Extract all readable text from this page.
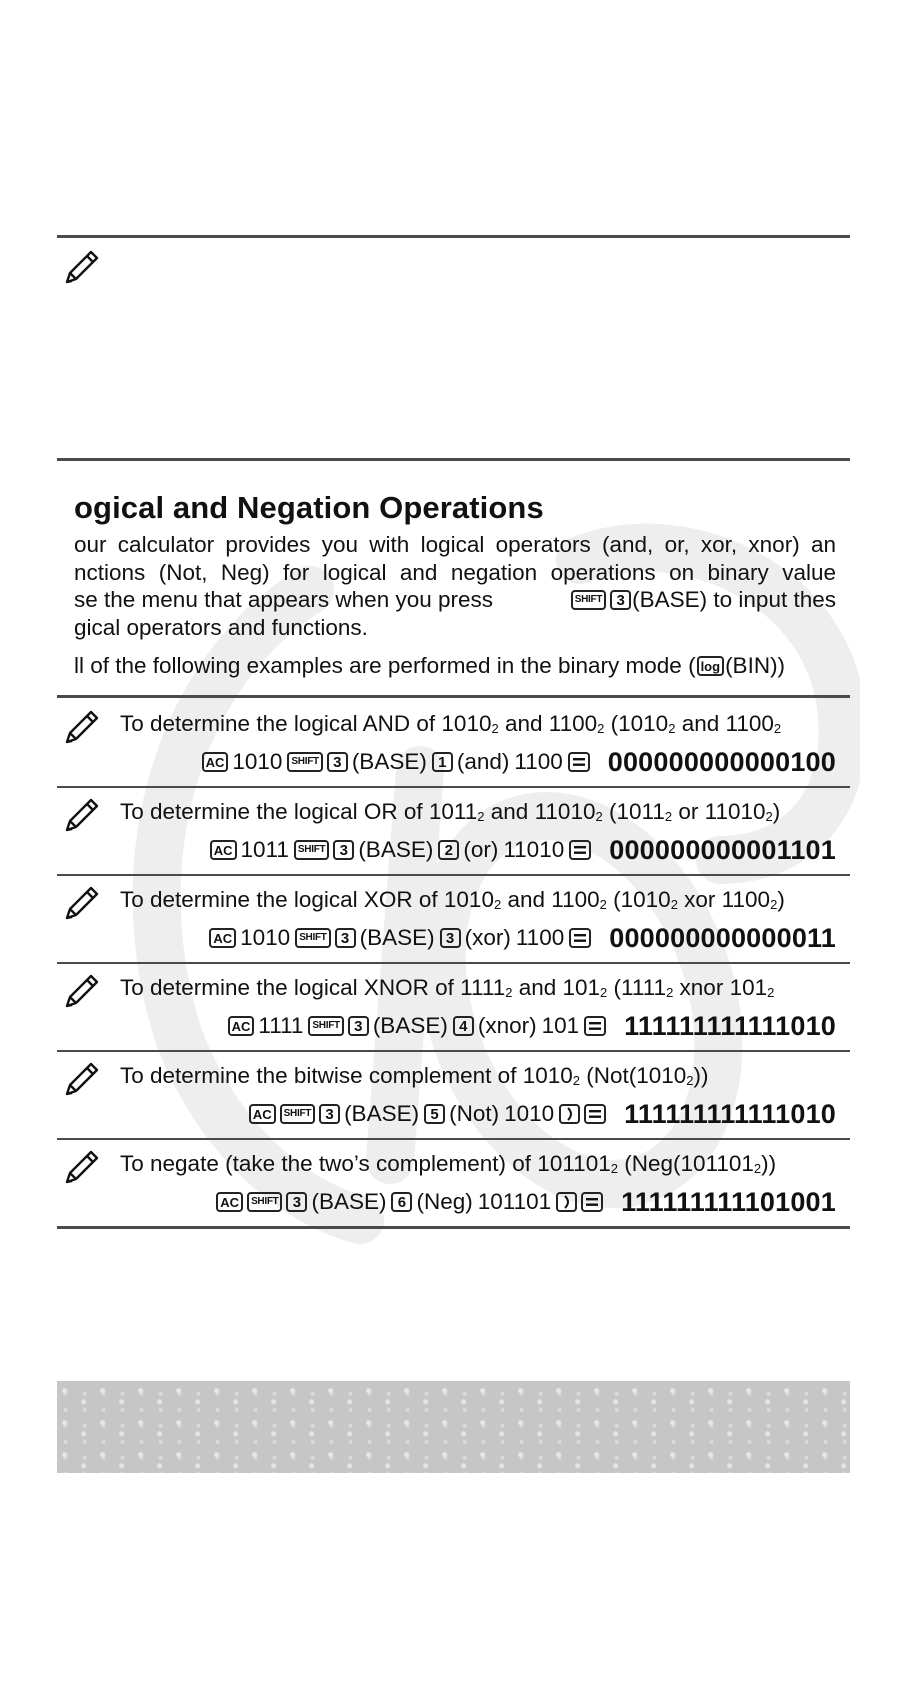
ogical and Negation Operations
our calculator provides you with logical operators (and, or, xor, xnor) an
nctions (Not, Neg) for logical and negation operations on binary value
se the menu that appears when you press	SHIFT 3 (BASE) to input thes
gical operators and functions.
ll of the following examples are performed in the binary mode ( log (BIN))
To determine the logical AND of 10102 and 11002 (10102 and 11002
AC 1010 SHIFT 3 (BASE) 1 (and) 1100 000000000000100
To determine the logical OR of 10112 and 110102 (10112 or 110102)
AC 1011 SHIFT 3 (BASE) 2 (or) 11010 000000000001101
To determine the logical XOR of 10102 and 11002 (10102 xor 11002)
AC 1010 SHIFT 3 (BASE) 3 (xor) 1100 000000000000011
To determine the logical XNOR of 11112 and 1012 (11112 xnor 1012
AC 1111 SHIFT 3 (BASE) 4 (xnor) 101 111111111111010
To determine the bitwise complement of 10102 (Not(10102))
AC	SHIFT 3 (BASE) 5 (Not) 1010	111111111111010
To negate (take the two’s complement) of 1011012 (Neg(1011012))
AC	SHIFT 3 (BASE) 6 (Neg) 101101	111111111101001
